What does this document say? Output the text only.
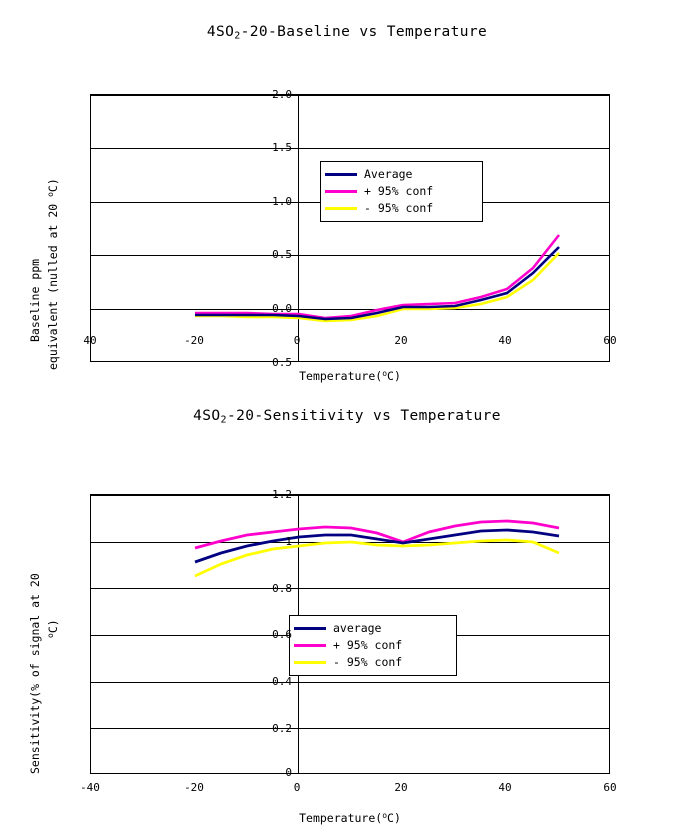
$4SO_2-20$-Baseline vs Temperature
Baseline ppm equivalent (nulled at 20 $^o$C)
Average
+ 95% conf
- 95% conf
2.0
1.5
1.0
0.5
0.0
0.5
40	-20	0	20	40	60
Temperature($^o$C)
$4SO_2-20$-Sensitivity vs Temperature
Sensitivity(% of signal at 20 $^o$C)	average
+ 95% conf
- 95% conf
1.2
1
0.8
0.6
0.4
0.2
0
-40	-20	0	20	40	60
Temperature($^o$C)
